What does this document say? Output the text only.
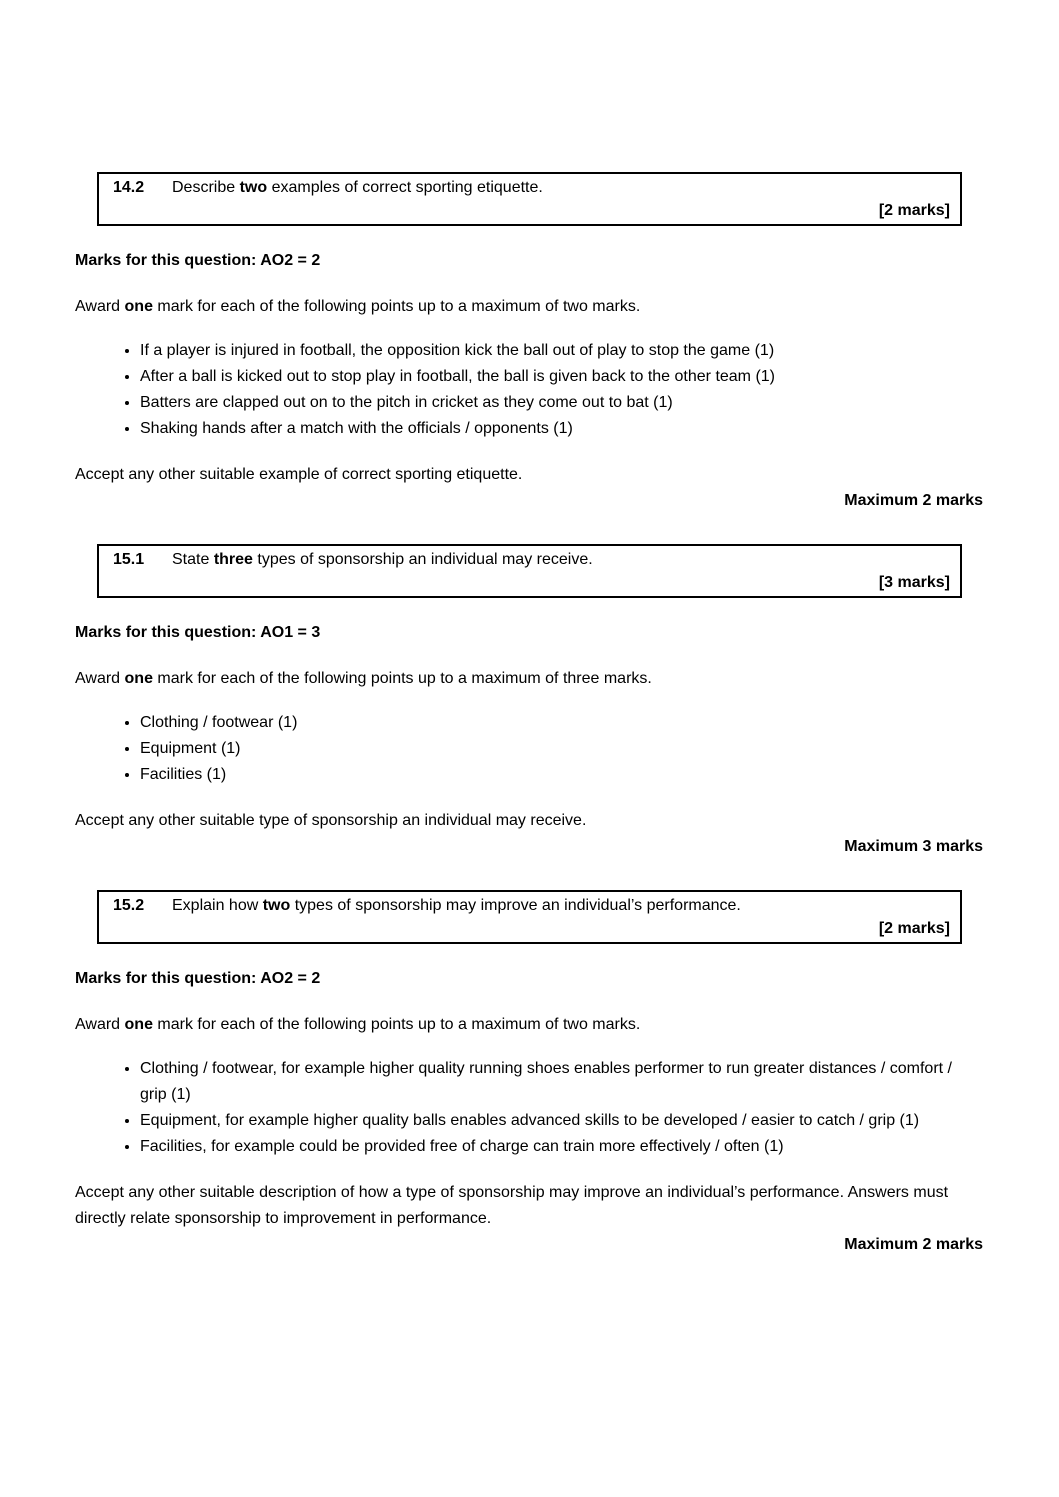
14.2	Describe two examples of correct sporting etiquette.
[2 marks]

Marks for this question: AO2 = 2

Award one mark for each of the following points up to a maximum of two marks.

• If a player is injured in football, the opposition kick the ball out of play to stop the game (1)
• After a ball is kicked out to stop play in football, the ball is given back to the other team (1)
• Batters are clapped out on to the pitch in cricket as they come out to bat (1)
• Shaking hands after a match with the officials / opponents (1)

Accept any other suitable example of correct sporting etiquette.

Maximum 2 marks

15.1	State three types of sponsorship an individual may receive.
[3 marks]

Marks for this question: AO1 = 3

Award one mark for each of the following points up to a maximum of three marks.

• Clothing / footwear (1)
• Equipment (1)
• Facilities (1)

Accept any other suitable type of sponsorship an individual may receive.

Maximum 3 marks

15.2	Explain how two types of sponsorship may improve an individual’s performance.
[2 marks]

Marks for this question: AO2 = 2

Award one mark for each of the following points up to a maximum of two marks.

• Clothing / footwear, for example higher quality running shoes enables performer to run greater distances / comfort / grip (1)
• Equipment, for example higher quality balls enables advanced skills to be developed / easier to catch / grip (1)
• Facilities, for example could be provided free of charge can train more effectively / often (1)

Accept any other suitable description of how a type of sponsorship may improve an individual’s performance. Answers must directly relate sponsorship to improvement in performance.

Maximum 2 marks
